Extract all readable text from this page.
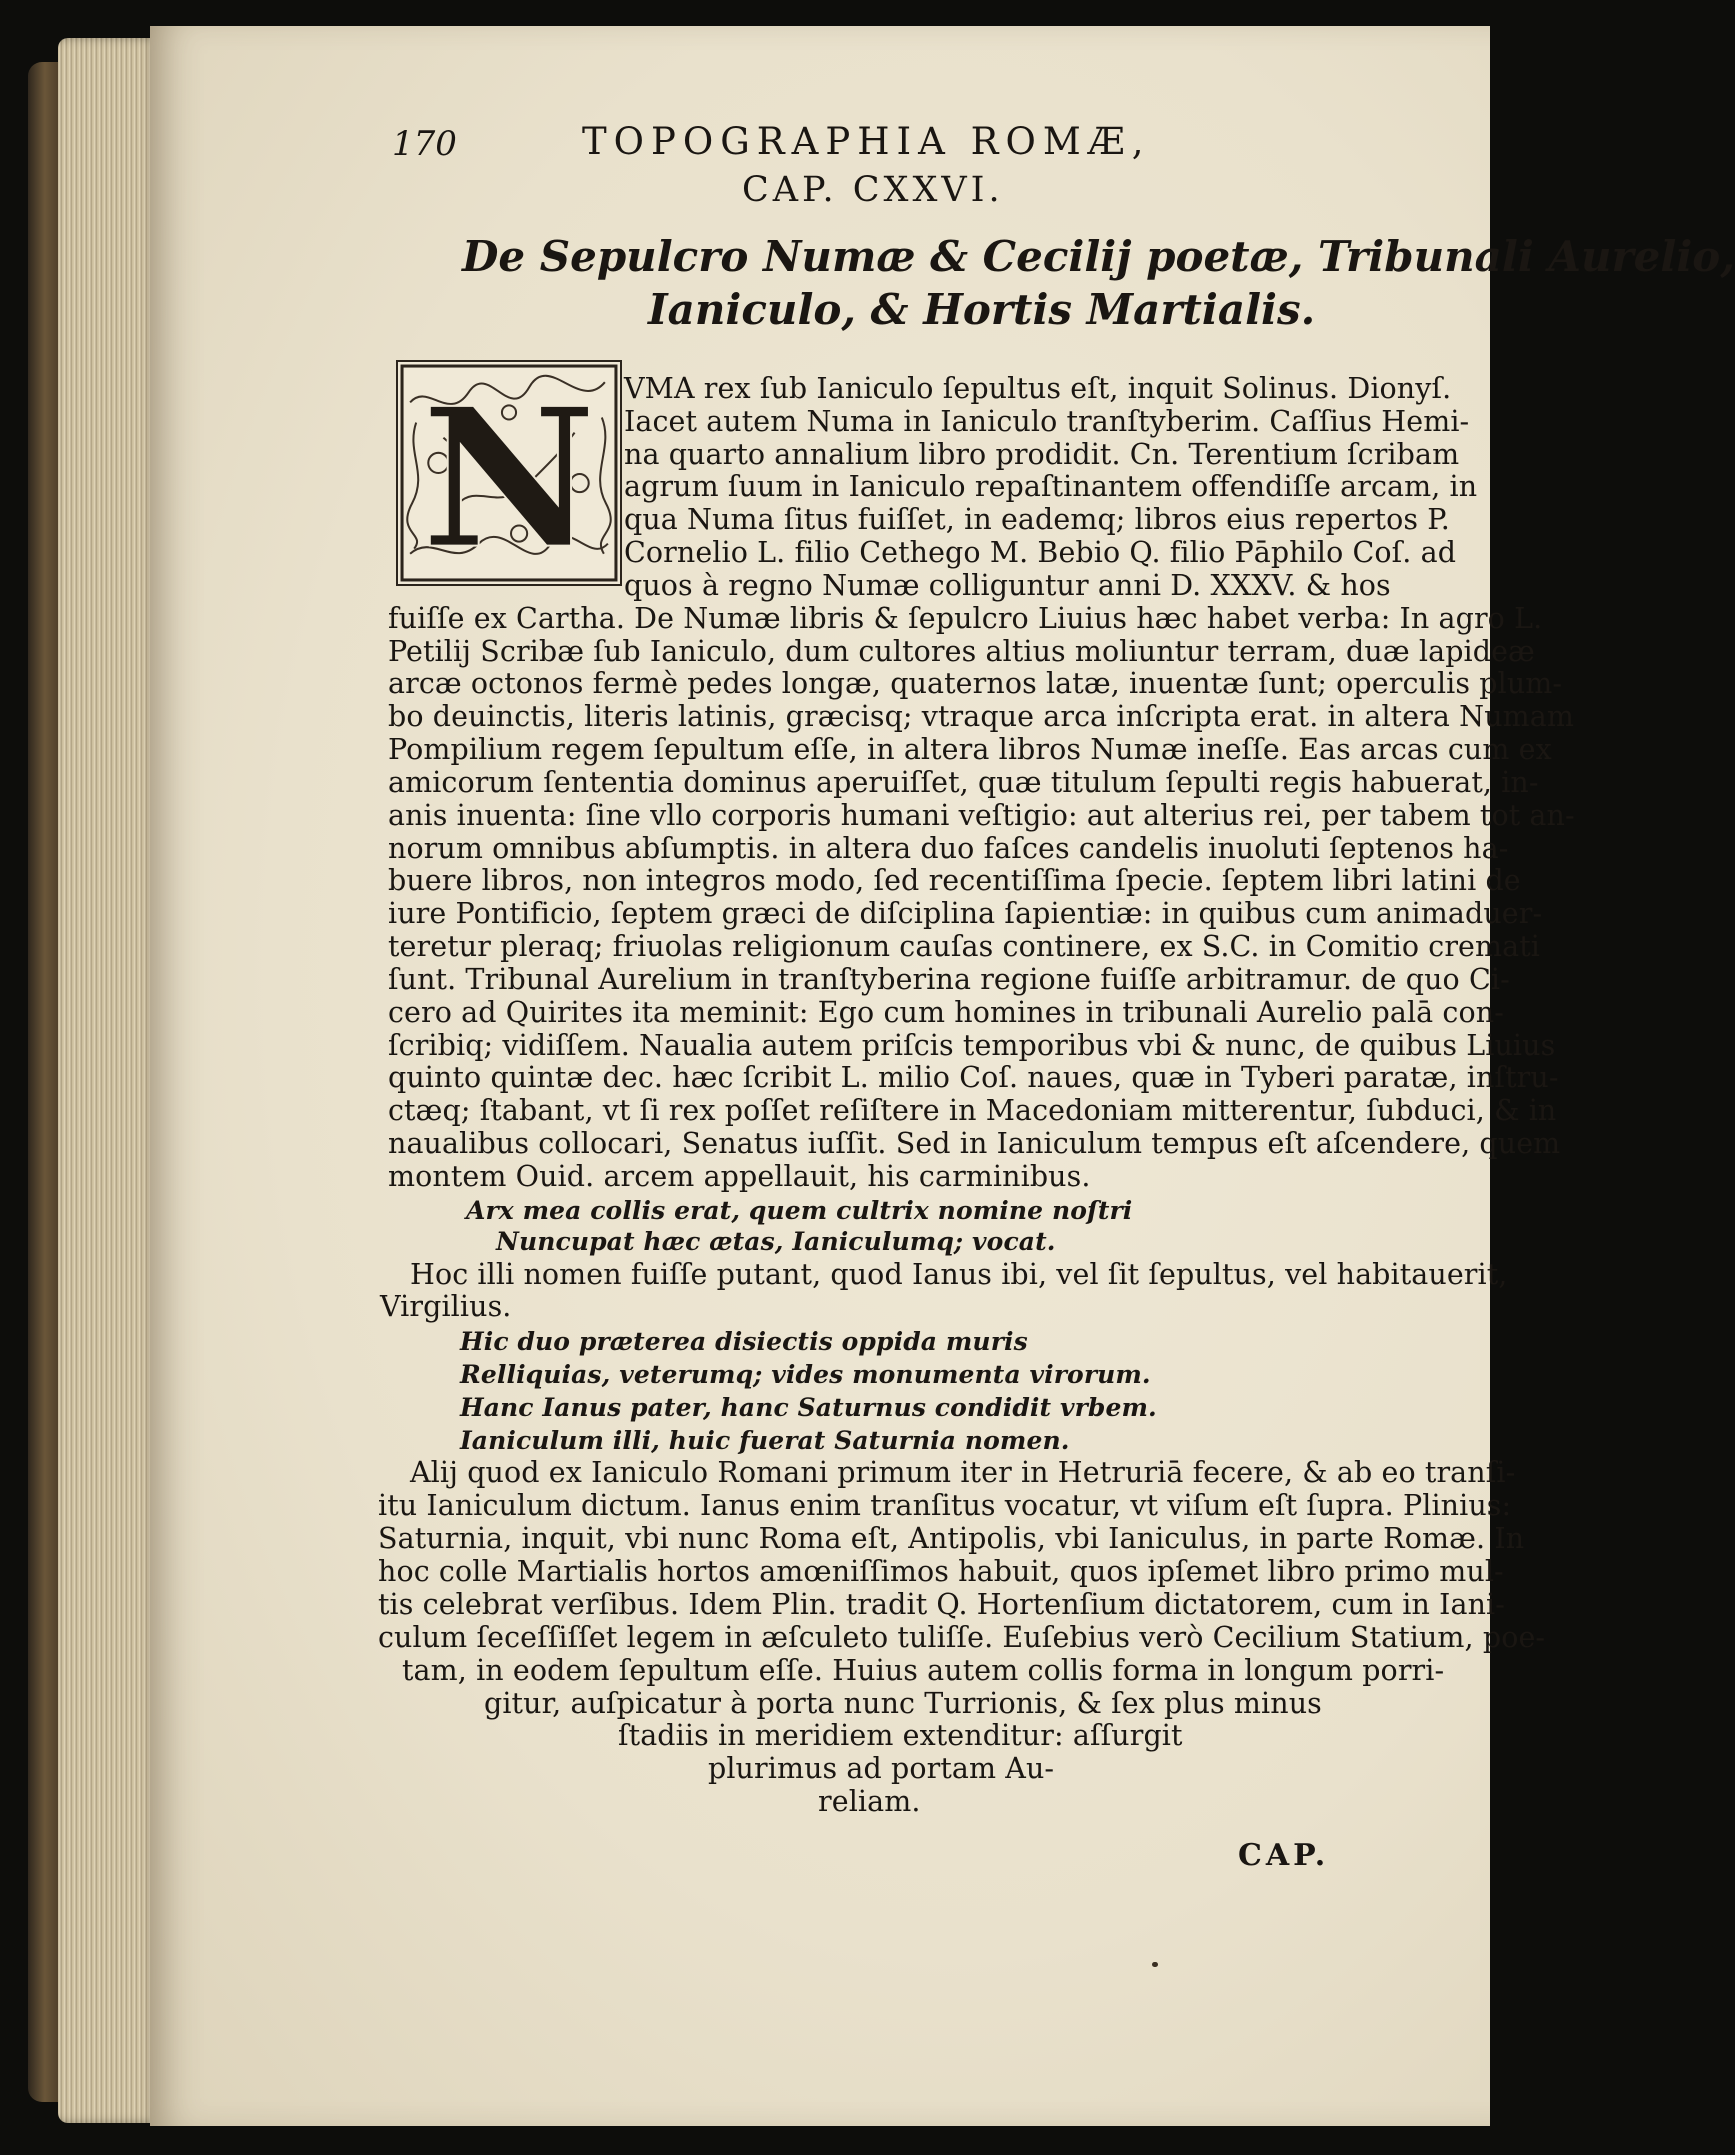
170	TOPOGRAPHIA ROMÆ,
CAP. CXXVI.
De Sepulcro Numæ & Cecilij poetæ, Tribunali Aurelio,
Ianiculo, & Hortis Martialis.
N VMA rex ſub Ianiculo ſepultus eſt, inquit Solinus. Dionyſ.
Iacet autem Numa in Ianiculo tranſtyberim. Caſſius Hemi-
na quarto annalium libro prodidit. Cn. Terentium ſcribam
agrum ſuum in Ianiculo repaſtinantem offendiſſe arcam, in
qua Numa ſitus fuiſſet, in eademq; libros eius repertos P.
Cornelio L. filio Cethego M. Bebio Q. filio Pāphilo Coſ. ad
quos à regno Numæ colliguntur anni D. XXXV. & hos
fuiſſe ex Cartha. De Numæ libris & ſepulcro Liuius hæc habet verba: In agro L.
Petilij Scribæ ſub Ianiculo, dum cultores altius moliuntur terram, duæ lapideæ
arcæ octonos fermè pedes longæ, quaternos latæ, inuentæ ſunt; operculis plum-
bo deuinctis, literis latinis, græcisq; vtraque arca inſcripta erat. in altera Numam
Pompilium regem ſepultum eſſe, in altera libros Numæ ineſſe. Eas arcas cum ex
amicorum ſententia dominus aperuiſſet, quæ titulum ſepulti regis habuerat, in-
anis inuenta: ſine vllo corporis humani veſtigio: aut alterius rei, per tabem tot an-
norum omnibus abſumptis. in altera duo faſces candelis inuoluti ſeptenos ha-
buere libros, non integros modo, ſed recentiſſima ſpecie. ſeptem libri latini de
iure Pontificio, ſeptem græci de diſciplina ſapientiæ: in quibus cum animaduer-
teretur pleraq; friuolas religionum cauſas continere, ex S.C. in Comitio cremati
ſunt. Tribunal Aurelium in tranſtyberina regione fuiſſe arbitramur. de quo Ci-
cero ad Quirites ita meminit: Ego cum homines in tribunali Aurelio palā con-
ſcribiq; vidiſſem. Naualia autem priſcis temporibus vbi & nunc, de quibus Liuius
quinto quintæ dec. hæc ſcribit L. milio Coſ. naues, quæ in Tyberi paratæ, inſtru-
ctæq; ſtabant, vt ſi rex poſſet reſiſtere in Macedoniam mitterentur, ſubduci, & in
naualibus collocari, Senatus iuſſit. Sed in Ianiculum tempus eſt aſcendere, quem
montem Ouid. arcem appellauit, his carminibus.
Arx mea collis erat, quem cultrix nomine noſtri
Nuncupat hæc ætas, Ianiculumq; vocat.
Hoc illi nomen fuiſſe putant, quod Ianus ibi, vel ſit ſepultus, vel habitauerit,
Virgilius.
Hic duo præterea disiectis oppida muris
Relliquias, veterumq; vides monumenta virorum.
Hanc Ianus pater, hanc Saturnus condidit vrbem.
Ianiculum illi, huic fuerat Saturnia nomen.
Alij quod ex Ianiculo Romani primum iter in Hetruriā fecere, & ab eo tranſi-
itu Ianiculum dictum. Ianus enim tranſitus vocatur, vt viſum eſt ſupra. Plinius:
Saturnia, inquit, vbi nunc Roma eſt, Antipolis, vbi Ianiculus, in parte Romæ. In
hoc colle Martialis hortos amœniſſimos habuit, quos ipſemet libro primo mul-
tis celebrat verſibus. Idem Plin. tradit Q. Hortenſium dictatorem, cum in Iani-
culum ſeceſſiſſet legem in æſculeto tuliſſe. Euſebius verò Cecilium Statium, poe-
tam, in eodem ſepultum eſſe. Huius autem collis forma in longum porri-
gitur, auſpicatur à porta nunc Turrionis, & ſex plus minus
ſtadiis in meridiem extenditur: aſſurgit
plurimus ad portam Au-
reliam.
CAP.
